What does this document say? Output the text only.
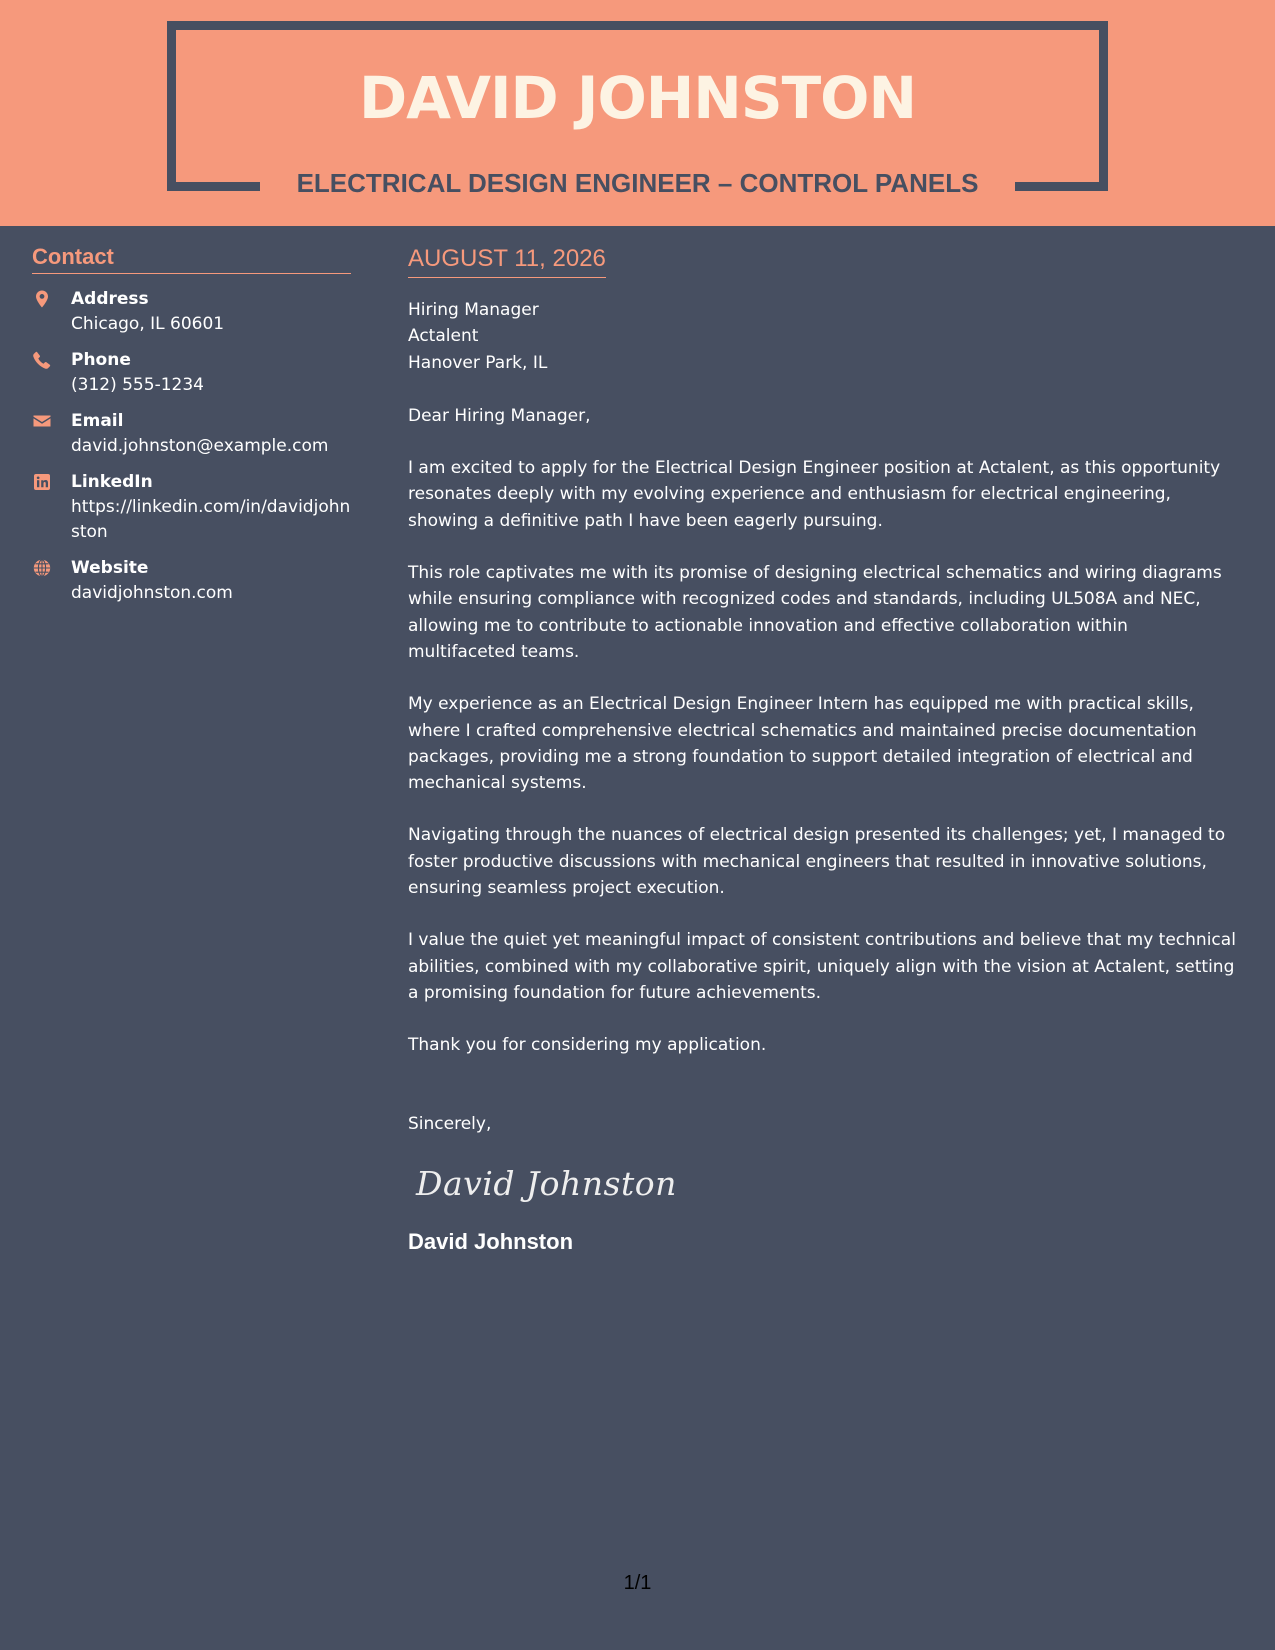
DAVID JOHNSTON
ELECTRICAL DESIGN ENGINEER – CONTROL PANELS
Contact
Address
Chicago, IL 60601
Phone
(312) 555-1234
Email
david.johnston@example.com
LinkedIn
https://linkedin.com/in/davidjohnston
Website
davidjohnston.com
AUGUST 11, 2026
Hiring Manager
Actalent
Hanover Park, IL
Dear Hiring Manager,
I am excited to apply for the Electrical Design Engineer position at Actalent, as this opportunity resonates deeply with my evolving experience and enthusiasm for electrical engineering, showing a definitive path I have been eagerly pursuing.
This role captivates me with its promise of designing electrical schematics and wiring diagrams while ensuring compliance with recognized codes and standards, including UL508A and NEC, allowing me to contribute to actionable innovation and effective collaboration within multifaceted teams.
My experience as an Electrical Design Engineer Intern has equipped me with practical skills, where I crafted comprehensive electrical schematics and maintained precise documentation packages, providing me a strong foundation to support detailed integration of electrical and mechanical systems.
Navigating through the nuances of electrical design presented its challenges; yet, I managed to foster productive discussions with mechanical engineers that resulted in innovative solutions, ensuring seamless project execution.
I value the quiet yet meaningful impact of consistent contributions and believe that my technical abilities, combined with my collaborative spirit, uniquely align with the vision at Actalent, setting a promising foundation for future achievements.
Thank you for considering my application.
Sincerely,
David Johnston
David Johnston
1/1
